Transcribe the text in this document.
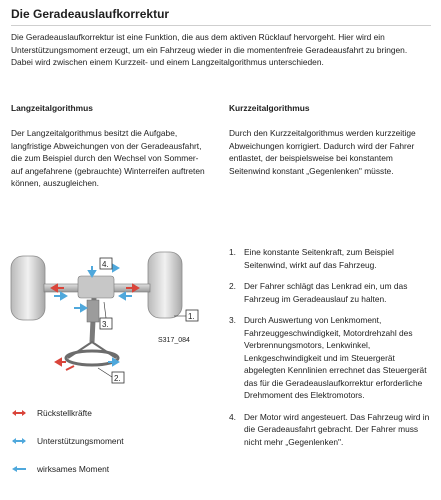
Die Geradeauslaufkorrektur
Die Geradeauslaufkorrektur ist eine Funktion, die aus dem aktiven Rücklauf hervorgeht. Hier wird ein Unterstützungsmoment erzeugt, um ein Fahrzeug wieder in die momentenfreie Geradeausfahrt zu bringen. Dabei wird zwischen einem Kurzzeit- und einem Langzeitalgorithmus unterschieden.
Langzeitalgorithmus
Der Langzeitalgorithmus besitzt die Aufgabe, langfristige Abweichungen von der Geradeausfahrt, die zum Beispiel durch den Wechsel von Sommer- auf angefahrene (gebrauchte) Winterreifen auftreten können, auszugleichen.
Kurzzeitalgorithmus
Durch den Kurzzeitalgorithmus werden kurzzeitige Abweichungen korrigiert. Dadurch wird der Fahrer entlastet, der beispielsweise bei konstantem Seitenwind konstant „Gegenlenken" müsste.
4.
3.
1.
2.
S317_084
1. Eine konstante Seitenkraft, zum Beispiel Seitenwind, wirkt auf das Fahrzeug.
2. Der Fahrer schlägt das Lenkrad ein, um das Fahrzeug im Geradeauslauf zu halten.
3. Durch Auswertung von Lenkmoment, Fahrzeuggeschwindigkeit, Motordrehzahl des Verbrennungsmotors, Lenkwinkel, Lenkgeschwindigkeit und im Steuergerät abgelegten Kennlinien errechnet das Steuergerät das für die Geradeauslaufkorrektur erforderliche Drehmoment des Elektromotors.
4. Der Motor wird angesteuert. Das Fahrzeug wird in die Geradeausfahrt gebracht. Der Fahrer muss nicht mehr „Gegenlenken".
Rückstellkräfte
Unterstützungsmoment
wirksames Moment
